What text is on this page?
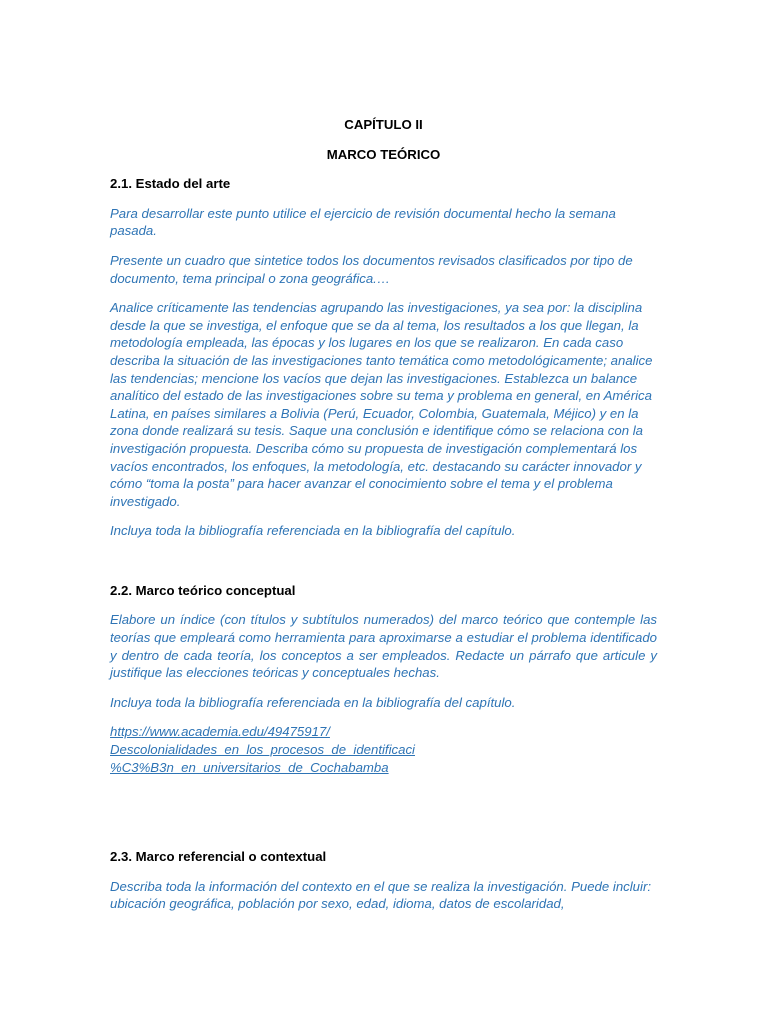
CAPÍTULO II

MARCO TEÓRICO

2.1. Estado del arte

Para desarrollar este punto utilice el ejercicio de revisión documental hecho la semana pasada.

Presente un cuadro que sintetice todos los documentos revisados clasificados por tipo de documento, tema principal o zona geográfica.…

Analice críticamente las tendencias agrupando las investigaciones, ya sea por: la disciplina desde la que se investiga, el enfoque que se da al tema, los resultados a los que llegan, la metodología empleada, las épocas y los lugares en los que se realizaron. En cada caso describa la situación de las investigaciones tanto temática como metodológicamente; analice las tendencias; mencione los vacíos que dejan las investigaciones. Establezca un balance analítico del estado de las investigaciones sobre su tema y problema en general, en América Latina, en países similares a Bolivia (Perú, Ecuador, Colombia, Guatemala, Méjico) y en la zona donde realizará su tesis. Saque una conclusión e identifique cómo se relaciona con la investigación propuesta. Describa cómo su propuesta de investigación complementará los vacíos encontrados, los enfoques, la metodología, etc. destacando su carácter innovador y cómo “toma la posta” para hacer avanzar el conocimiento sobre el tema y el problema investigado.

Incluya toda la bibliografía referenciada en la bibliografía del capítulo.

2.2. Marco teórico conceptual

Elabore un índice (con títulos y subtítulos numerados) del marco teórico que contemple las teorías que empleará como herramienta para aproximarse a estudiar el problema identificado y dentro de cada teoría, los conceptos a ser empleados. Redacte un párrafo que articule y justifique las elecciones teóricas y conceptuales hechas.

Incluya toda la bibliografía referenciada en la bibliografía del capítulo.

https://www.academia.edu/49475917/
Descolonialidades_en_los_procesos_de_identificaci
%C3%B3n_en_universitarios_de_Cochabamba
2.3. Marco referencial o contextual

Describa toda la información del contexto en el que se realiza la investigación. Puede incluir: ubicación geográfica, población por sexo, edad, idioma, datos de escolaridad,
